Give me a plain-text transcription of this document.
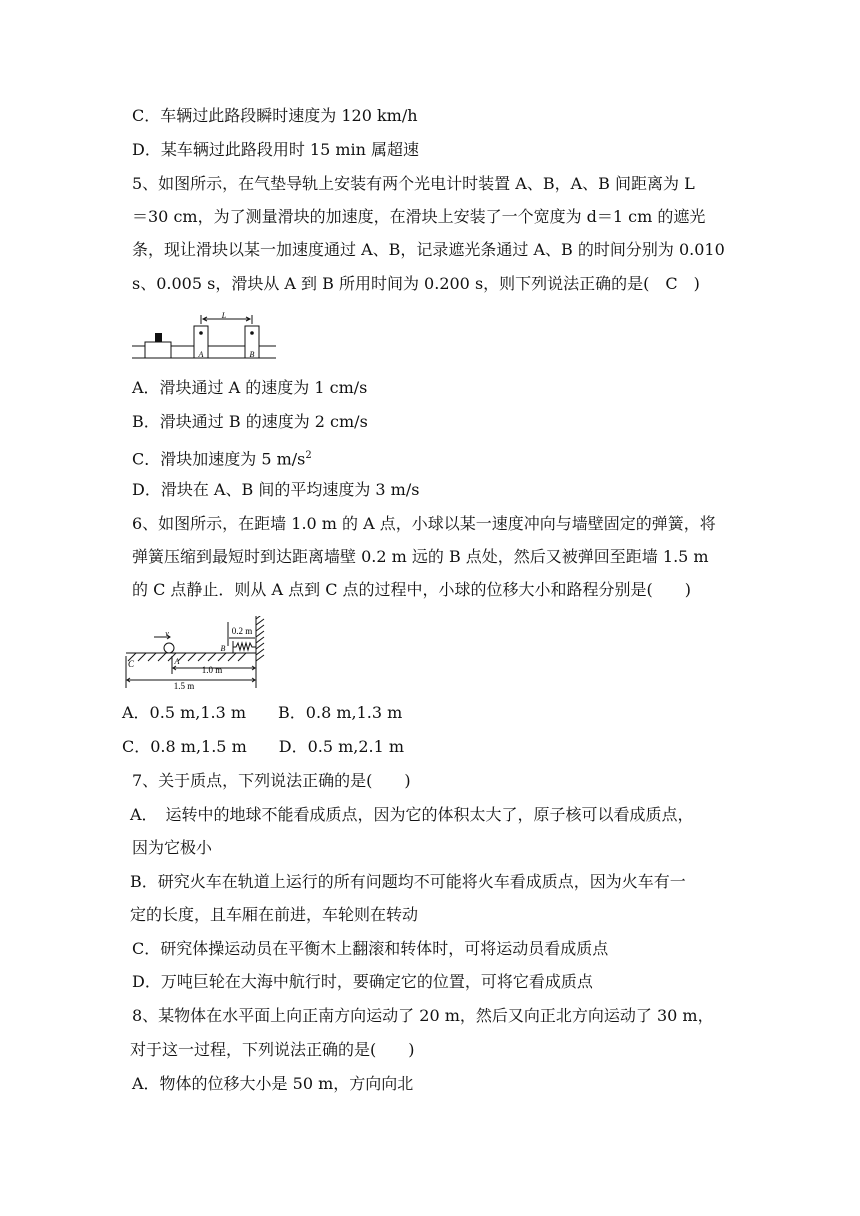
C．车辆过此路段瞬时速度为 120 km/h
D．某车辆过此路段用时 15 min 属超速
5、如图所示，在气垫导轨上安装有两个光电计时装置 A、B，A、B 间距离为 L
＝30 cm，为了测量滑块的加速度，在滑块上安装了一个宽度为 d＝1 cm 的遮光
条，现让滑块以某一加速度通过 A、B，记录遮光条通过 A、B 的时间分别为 0.010
s、0.005 s，滑块从 A 到 B 所用时间为 0.200 s，则下列说法正确的是(　C　)
L
A	B
A．滑块通过 A 的速度为 1 cm/s
B．滑块通过 B 的速度为 2 cm/s
C．滑块加速度为 5 $m/s^2$
D．滑块在 A、B 间的平均速度为 3 m/s
6、如图所示，在距墙 1.0 m 的 A 点，小球以某一速度冲向与墙壁固定的弹簧，将
弹簧压缩到最短时到达距离墙壁 0.2 m 远的 B 点处，然后又被弹回至距墙 1.5 m
的 C 点静止．则从 A 点到 C 点的过程中，小球的位移大小和路程分别是(　　)
v	0.2 m
C	A
B
1.0 m
1.5 m
A．0.5 m,1.3 m　　B．0.8 m,1.3 m
C．0.8 m,1.5 m　　D．0.5 m,2.1 m
7、关于质点，下列说法正确的是(　　)
A．　运转中的地球不能看成质点，因为它的体积太大了，原子核可以看成质点，
因为它极小
B．研究火车在轨道上运行的所有问题均不可能将火车看成质点，因为火车有一
定的长度，且车厢在前进，车轮则在转动
C．研究体操运动员在平衡木上翻滚和转体时，可将运动员看成质点
D．万吨巨轮在大海中航行时，要确定它的位置，可将它看成质点
8、某物体在水平面上向正南方向运动了 20 m，然后又向正北方向运动了 30 m，
对于这一过程，下列说法正确的是(　　)
A．物体的位移大小是 50 m，方向向北
